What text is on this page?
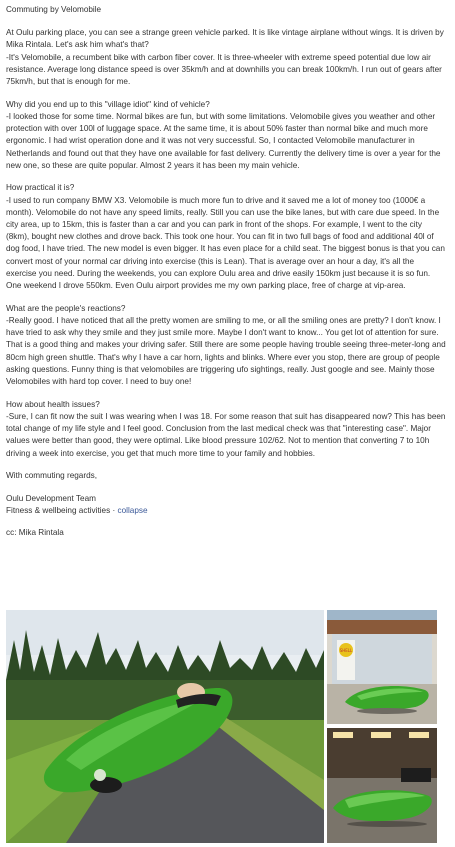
Commuting by Velomobile
At Oulu parking place, you can see a strange green vehicle parked. It is like vintage airplane without wings. It is driven by Mika Rintala. Let's ask him what's that?
-It's Velomobile, a recumbent bike with carbon fiber cover. It is three-wheeler with extreme speed potential due low air resistance. Average long distance speed is over 35km/h and at downhills you can break 100km/h. I run out of gears after 75km/h, but that is enough for me.
Why did you end up to this "village idiot" kind of vehicle?
-I looked those for some time. Normal bikes are fun, but with some limitations. Velomobile gives you weather and other protection with over 100l of luggage space. At the same time, it is about 50% faster than normal bike and much more ergonomic. I had wrist operation done and it was not very successful. So, I contacted Velomobile manufacturer in Netherlands and found out that they have one available for fast delivery. Currently the delivery time is over a year for the new one, so these are quite popular. Almost 2 years it has been my main vehicle.
How practical it is?
-I used to run company BMW X3. Velomobile is much more fun to drive and it saved me a lot of money too (1000€ a month). Velomobile do not have any speed limits, really. Still you can use the bike lanes, but with care due speed. In the city area, up to 15km, this is faster than a car and you can park in front of the shops. For example, I went to the city (8km), bought new clothes and drove back. This took one hour. You can fit in two full bags of food and additional 40l of dog food, I have tried. The new model is even bigger. It has even place for a child seat. The biggest bonus is that you can convert most of your normal car driving into exercise (this is Lean). That is average over an hour a day, it's all the exercise you need. During the weekends, you can explore Oulu area and drive easily 150km just because it is so fun. One weekend I drove 550km. Even Oulu airport provides me my own parking place, free of charge at vip-area.
What are the people's reactions?
-Really good. I have noticed that all the pretty women are smiling to me, or all the smiling ones are pretty? I don't know. I have tried to ask why they smile and they just smile more. Maybe I don't want to know... You get lot of attention for sure. That is a good thing and makes your driving safer. Still there are some people having trouble seeing three-meter-long and 80cm high green shuttle. That's why I have a car horn, lights and blinks. Where ever you stop, there are group of people asking questions. Funny thing is that velomobiles are triggering ufo sightings, really. Just google and see. Mainly those Velomobiles with hard top cover. I need to buy one!
How about health issues?
-Sure, I can fit now the suit I was wearing when I was 18. For some reason that suit has disappeared now? This has been total change of my life style and I feel good. Conclusion from the last medical check was that "interesting case". Major values were better than good, they were optimal. Like blood pressure 102/62. Not to mention that converting 7 to 10h driving a week into exercise, you get that much more time to your family and hobbies.
With commuting regards,
Oulu Development Team
Fitness & wellbeing activities · collapse
cc: Mika Rintala
SHELL
